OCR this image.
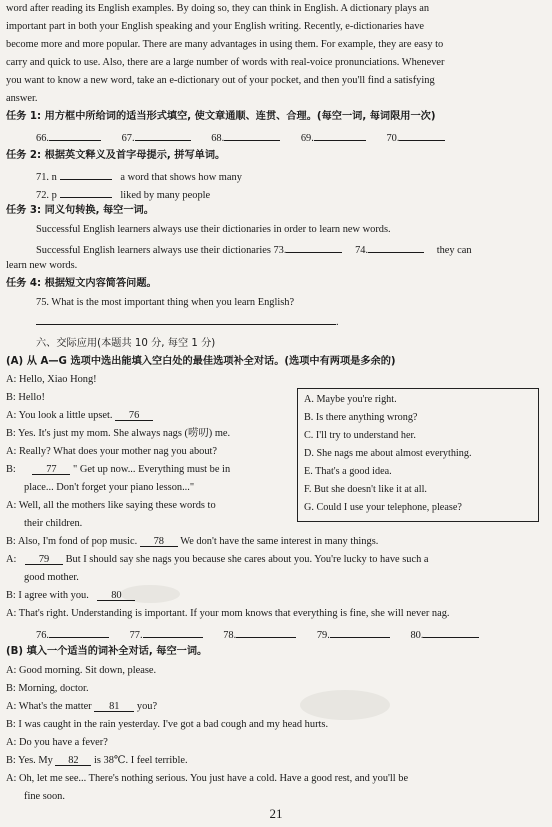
word after reading its English examples. By doing so, they can think in English. A dictionary plays an
important part in both your English speaking and your English writing. Recently, e-dictionaries have
become more and more popular. There are many advantages in using them. For example, they are easy to
carry and quick to use. Also, there are a large number of words with real-voice pronunciations. Whenever
you want to know a new word, take an e-dictionary out of your pocket, and then you'll find a satisfying
answer.
任务 1: 用方框中所给词的适当形式填空, 使文章通顺、连贯、合理。(每空一词, 每词限用一次)
66.	67.	68.	69.	70.
任务 2: 根据英文释义及首字母提示, 拼写单词。
71. n	a word that shows how many
72. p	liked by many people
任务 3: 同义句转换, 每空一词。
Successful English learners always use their dictionaries in order to learn new words.
Successful English learners always use their dictionaries 73.	74.	they can
learn new words.
任务 4: 根据短文内容简答问题。
75. What is the most important thing when you learn English?
.
六、交际应用(本题共 10 分, 每空 1 分)
(A) 从 A—G 选项中选出能填入空白处的最佳选项补全对话。(选项中有两项是多余的)
A: Hello, Xiao Hong!
B: Hello!
A: You look a little upset. 76
B: Yes. It's just my mom. She always nags (唠叨) me.
A: Really? What does your mother nag you about?
B:	77 " Get up now... Everything must be in
place... Don't forget your piano lesson..."
A: Well, all the mothers like saying these words to
their children.
B: Also, I'm fond of pop music. 78 We don't have the same interest in many things.
A: 79 But I should say she nags you because she cares about you. You're lucky to have such a
good mother.
B: I agree with you. 80
A: That's right. Understanding is important. If your mom knows that everything is fine, she will never nag.
76.	77.	78.	79.	80.
A. Maybe you're right.
B. Is there anything wrong?
C. I'll try to understand her.
D. She nags me about almost everything.
E. That's a good idea.
F. But she doesn't like it at all.
G. Could I use your telephone, please?
(B) 填入一个适当的词补全对话, 每空一词。
A: Good morning. Sit down, please.
B: Morning, doctor.
A: What's the matter 81 you?
B: I was caught in the rain yesterday. I've got a bad cough and my head hurts.
A: Do you have a fever?
B: Yes. My 82 is 38℃. I feel terrible.
A: Oh, let me see... There's nothing serious. You just have a cold. Have a good rest, and you'll be
fine soon.
21
